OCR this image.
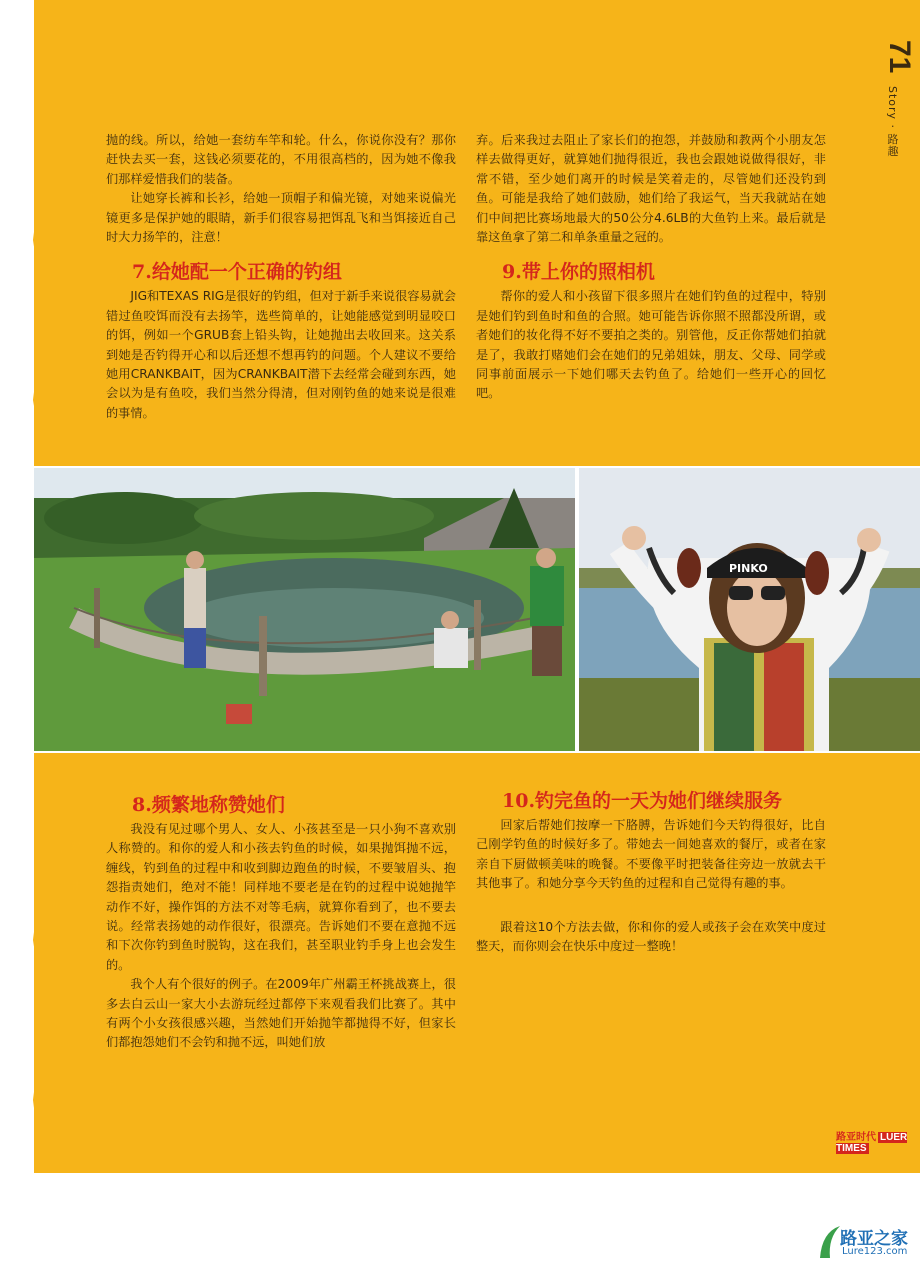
抛的线。所以，给她一套纺车竿和轮。什么，你说你没有？那你赶快去买一套，这钱必须要花的，不用很高档的，因为她不像我们那样爱惜我们的装备。

让她穿长裤和长衫，给她一顶帽子和偏光镜，对她来说偏光镜更多是保护她的眼睛，新手们很容易把饵乱飞和当饵接近自己时大力扬竿的，注意！

7.给她配一个正确的钓组

JIG和TEXAS RIG是很好的钓组，但对于新手来说很容易就会错过鱼咬饵而没有去扬竿，选些简单的，让她能感觉到明显咬口的饵，例如一个GRUB套上铅头钩，让她抛出去收回来。这关系到她是否钓得开心和以后还想不想再钓的问题。个人建议不要给她用CRANKBAIT，因为CRANKBAIT潜下去经常会碰到东西，她会以为是有鱼咬，我们当然分得清，但对刚钓鱼的她来说是很难的事情。

弃。后来我过去阻止了家长们的抱怨，并鼓励和教两个小朋友怎样去做得更好，就算她们抛得很近，我也会跟她说做得很好，非常不错，至少她们离开的时候是笑着走的，尽管她们还没钓到鱼。可能是我给了她们鼓励，她们给了我运气，当天我就站在她们中间把比赛场地最大的50公分4.6LB的大鱼钓上来。最后就是靠这鱼拿了第二和单条重量之冠的。

9.带上你的照相机

帮你的爱人和小孩留下很多照片在她们钓鱼的过程中，特别是她们钓到鱼时和鱼的合照。她可能告诉你照不照都没所谓，或者她们的妆化得不好不要拍之类的。别管他，反正你帮她们拍就是了，我敢打赌她们会在她们的兄弟姐妹，朋友、父母、同学或同事前面展示一下她们哪天去钓鱼了。给她们一些开心的回忆吧。

71
Story · 路趣
PINKO
8.频繁地称赞她们

我没有见过哪个男人、女人、小孩甚至是一只小狗不喜欢别人称赞的。和你的爱人和小孩去钓鱼的时候，如果抛饵抛不远，缠线，钓到鱼的过程中和收到脚边跑鱼的时候，不要皱眉头、抱怨指责她们，绝对不能！同样地不要老是在钓的过程中说她抛竿动作不好，操作饵的方法不对等毛病，就算你看到了，也不要去说。经常表扬她的动作很好，很漂亮。告诉她们不要在意抛不远和下次你钓到鱼时脱钩，这在我们，甚至职业钓手身上也会发生的。

我个人有个很好的例子。在2009年广州霸王杯挑战赛上，很多去白云山一家大小去游玩经过都停下来观看我们比赛了。其中有两个小女孩很感兴趣，当然她们开始抛竿都抛得不好，但家长们都抱怨她们不会钓和抛不远，叫她们放

10.钓完鱼的一天为她们继续服务

回家后帮她们按摩一下胳膊，告诉她们今天钓得很好，比自己刚学钓鱼的时候好多了。带她去一间她喜欢的餐厅，或者在家亲自下厨做顿美味的晚餐。不要像平时把装备往旁边一放就去干其他事了。和她分享今天钓鱼的过程和自己觉得有趣的事。

跟着这10个方法去做，你和你的爱人或孩子会在欢笑中度过整天，而你则会在快乐中度过一整晚！

路亚时代 LUER TIMES
路亚之家
Lure123.com
